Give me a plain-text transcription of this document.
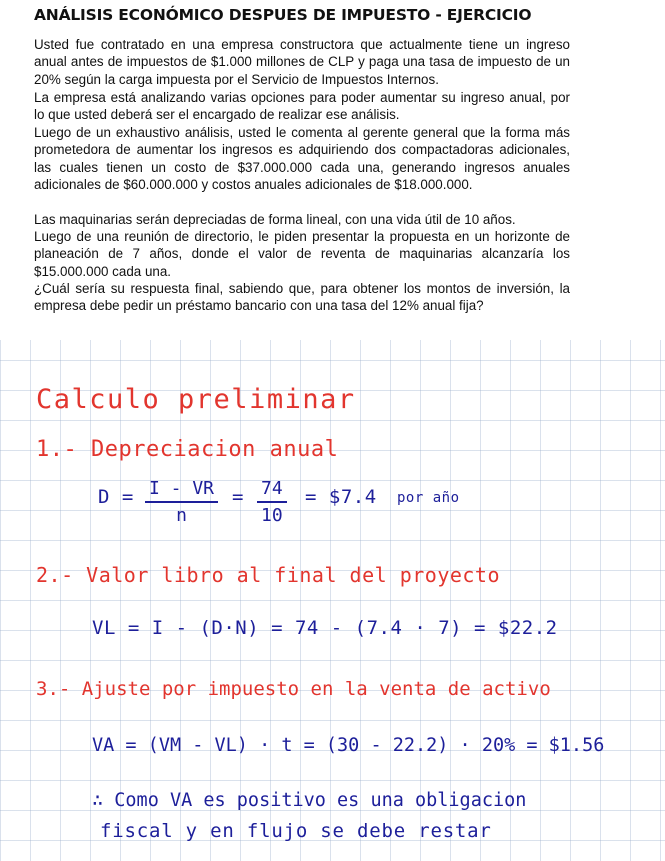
ANÁLISIS ECONÓMICO DESPUES DE IMPUESTO - EJERCICIO

Usted fue contratado en una empresa constructora que actualmente tiene un ingreso anual antes de impuestos de $1.000 millones de CLP y paga una tasa de impuesto de un 20% según la carga impuesta por el Servicio de Impuestos Internos.

La empresa está analizando varias opciones para poder aumentar su ingreso anual, por lo que usted deberá ser el encargado de realizar ese análisis.

Luego de un exhaustivo análisis, usted le comenta al gerente general que la forma más prometedora de aumentar los ingresos es adquiriendo dos compactadoras adicionales, las cuales tienen un costo de $37.000.000 cada una, generando ingresos anuales adicionales de $60.000.000 y costos anuales adicionales de $18.000.000.

Las maquinarias serán depreciadas de forma lineal, con una vida útil de 10 años.

Luego de una reunión de directorio, le piden presentar la propuesta en un horizonte de planeación de 7 años, donde el valor de reventa de maquinarias alcanzaría los $15.000.000 cada una.

¿Cuál sería su respuesta final, sabiendo que, para obtener los montos de inversión, la empresa debe pedir un préstamo bancario con una tasa del 12% anual fija?

Calculo preliminar
1.- Depreciacion anual
$D = \frac{I - VR}{n} = \frac{74}{10}$ = $7.4 por año
2.- Valor libro al final del proyecto
VL = I - (D·N) = 74 - (7.4 · 7) = $22.2
3.- Ajuste por impuesto en la venta de activo
VA = (VM - VL) · t = (30 - 22.2) · 20% = $1.56
∴ Como VA es positivo es una obligacion
fiscal y en flujo se debe restar
